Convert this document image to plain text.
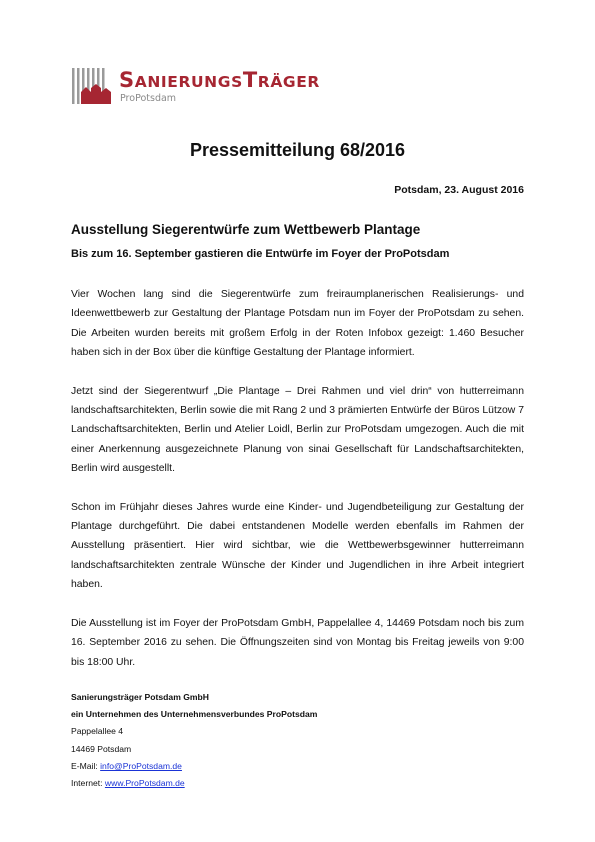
SANIERUNGSTRÄGER
ProPotsdam
Pressemitteilung 68/2016
Potsdam, 23. August 2016
Ausstellung Siegerentwürfe zum Wettbewerb Plantage
Bis zum 16. September gastieren die Entwürfe im Foyer der ProPotsdam

Vier Wochen lang sind die Siegerentwürfe zum freiraumplanerischen Realisierungs- und Ideenwettbewerb zur Gestaltung der Plantage Potsdam nun im Foyer der ProPotsdam zu sehen. Die Arbeiten wurden bereits mit großem Erfolg in der Roten Infobox gezeigt: 1.460 Besucher haben sich in der Box über die künftige Gestaltung der Plantage informiert.

Jetzt sind der Siegerentwurf „Die Plantage – Drei Rahmen und viel drin“ von hutterreimann landschaftsarchitekten, Berlin sowie die mit Rang 2 und 3 prämierten Entwürfe der Büros Lützow 7 Landschaftsarchitekten, Berlin und Atelier Loidl, Berlin zur ProPotsdam umgezogen. Auch die mit einer Anerkennung ausgezeichnete Planung von sinai Gesellschaft für Landschaftsarchitekten, Berlin wird ausgestellt.

Schon im Frühjahr dieses Jahres wurde eine Kinder- und Jugendbeteiligung zur Gestaltung der Plantage durchgeführt. Die dabei entstandenen Modelle werden ebenfalls im Rahmen der Ausstellung präsentiert. Hier wird sichtbar, wie die Wettbewerbsgewinner hutterreimann landschaftsarchitekten zentrale Wünsche der Kinder und Jugendlichen in ihre Arbeit integriert haben.

Die Ausstellung ist im Foyer der ProPotsdam GmbH, Pappelallee 4, 14469 Potsdam noch bis zum 16. September 2016 zu sehen. Die Öffnungszeiten sind von Montag bis Freitag jeweils von 9:00 bis 18:00 Uhr.

Sanierungsträger Potsdam GmbH
ein Unternehmen des Unternehmensverbundes ProPotsdam
Pappelallee 4
14469 Potsdam
E-Mail: info@ProPotsdam.de
Internet: www.ProPotsdam.de
